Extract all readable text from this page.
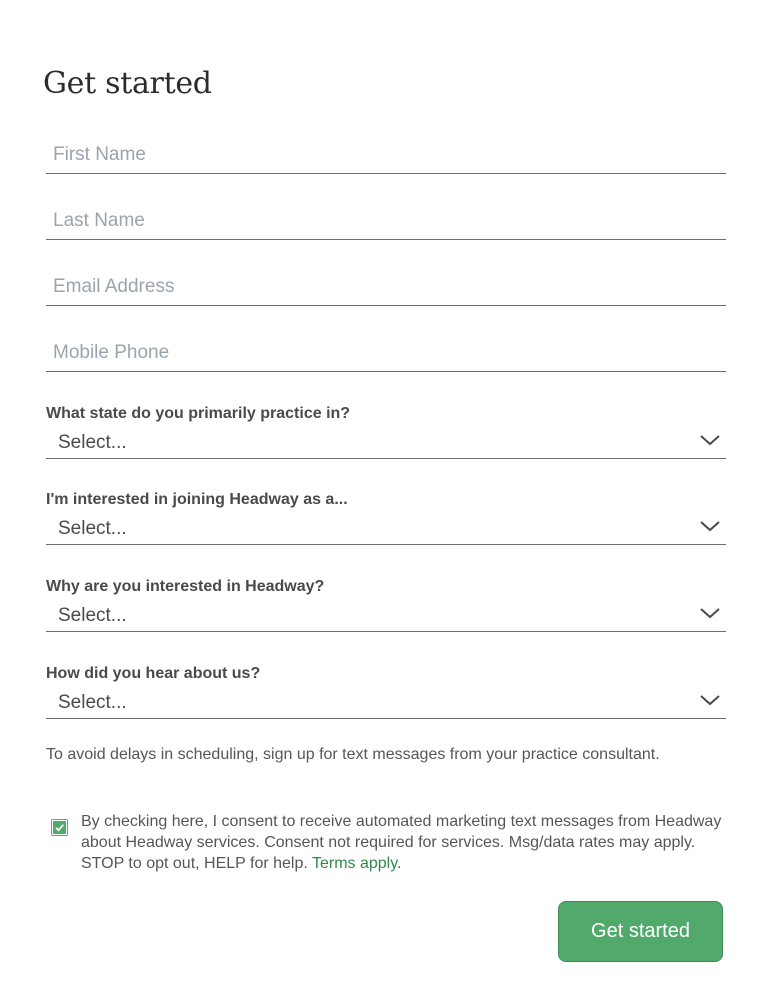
Get started
First Name
Last Name
Email Address
Mobile Phone
What state do you primarily practice in?
Select...
I'm interested in joining Headway as a...
Select...
Why are you interested in Headway?
Select...
How did you hear about us?
Select...

To avoid delays in scheduling, sign up for text messages from your practice consultant.

By checking here, I consent to receive automated marketing text messages from Headway about Headway services. Consent not required for services. Msg/data rates may apply. STOP to opt out, HELP for help. Terms apply.

Get started
